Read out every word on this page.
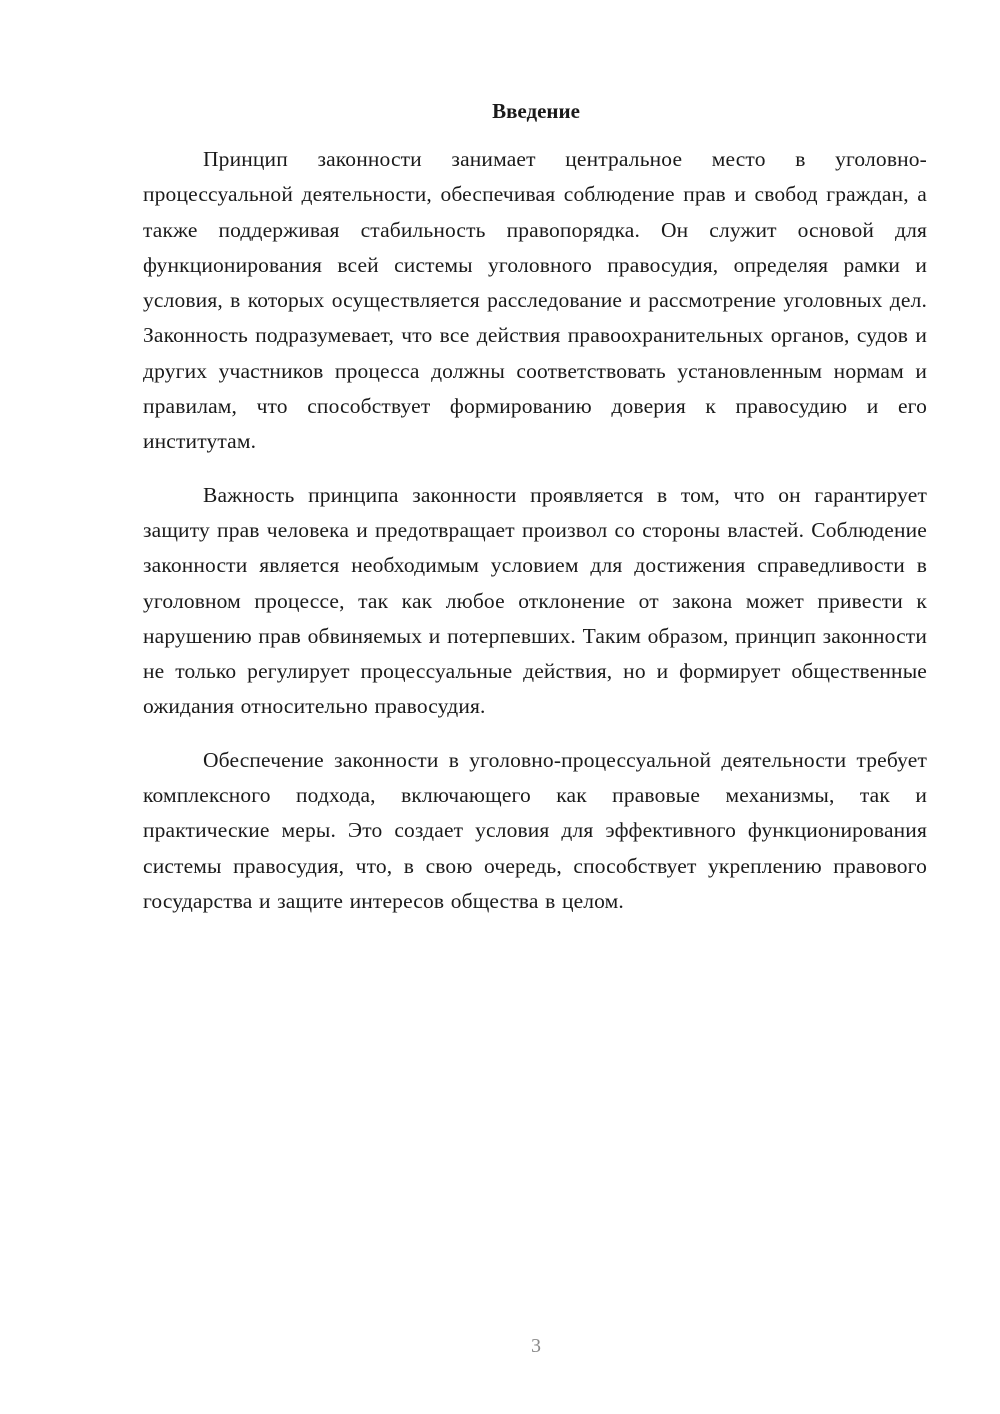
Введение

Принцип законности занимает центральное место в уголовно-процессуальной деятельности, обеспечивая соблюдение прав и свобод граждан, а также поддерживая стабильность правопорядка. Он служит основой для функционирования всей системы уголовного правосудия, определяя рамки и условия, в которых осуществляется расследование и рассмотрение уголовных дел. Законность подразумевает, что все действия правоохранительных органов, судов и других участников процесса должны соответствовать установленным нормам и правилам, что способствует формированию доверия к правосудию и его институтам.

Важность принципа законности проявляется в том, что он гарантирует защиту прав человека и предотвращает произвол со стороны властей. Соблюдение законности является необходимым условием для достижения справедливости в уголовном процессе, так как любое отклонение от закона может привести к нарушению прав обвиняемых и потерпевших. Таким образом, принцип законности не только регулирует процессуальные действия, но и формирует общественные ожидания относительно правосудия.

Обеспечение законности в уголовно-процессуальной деятельности требует комплексного подхода, включающего как правовые механизмы, так и практические меры. Это создает условия для эффективного функционирования системы правосудия, что, в свою очередь, способствует укреплению правового государства и защите интересов общества в целом.

3
